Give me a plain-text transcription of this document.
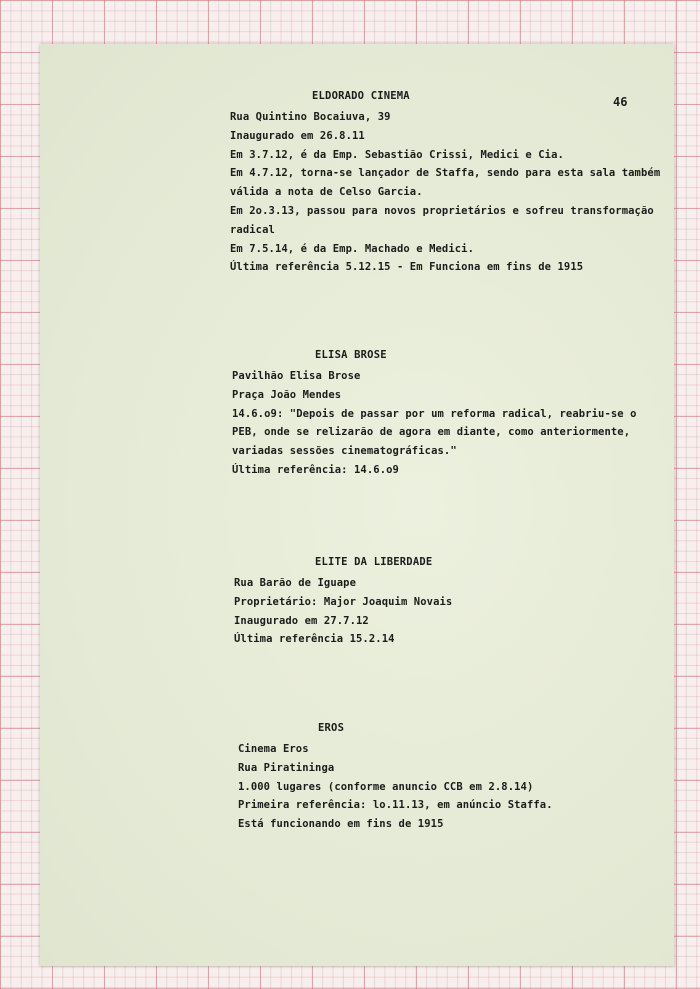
46

ELDORADO CINEMA
Rua Quintino Bocaiuva, 39
Inaugurado em 26.8.11
Em 3.7.12, é da Emp. Sebastião Crissi, Medici e Cia.
Em 4.7.12, torna-se lançador de Staffa, sendo para esta sala também
válida a nota de Celso Garcia.
Em 2o.3.13, passou para novos proprietários e sofreu transformação
radical
Em 7.5.14, é da Emp. Machado e Medici.
Última referência 5.12.15 - Em Funciona em fins de 1915
ELISA BROSE
Pavilhão Elisa Brose
Praça João Mendes
14.6.o9: "Depois de passar por um reforma radical, reabriu-se o
PEB, onde se relizarão de agora em diante, como anteriormente,
variadas sessões cinematográficas."
Última referência: 14.6.o9
ELITE DA LIBERDADE
Rua Barão de Iguape
Proprietário: Major Joaquim Novais
Inaugurado em 27.7.12
Última referência 15.2.14
EROS
Cinema Eros
Rua Piratininga
1.000 lugares (conforme anuncio CCB em 2.8.14)
Primeira referência: lo.11.13, em anúncio Staffa.
Está funcionando em fins de 1915
